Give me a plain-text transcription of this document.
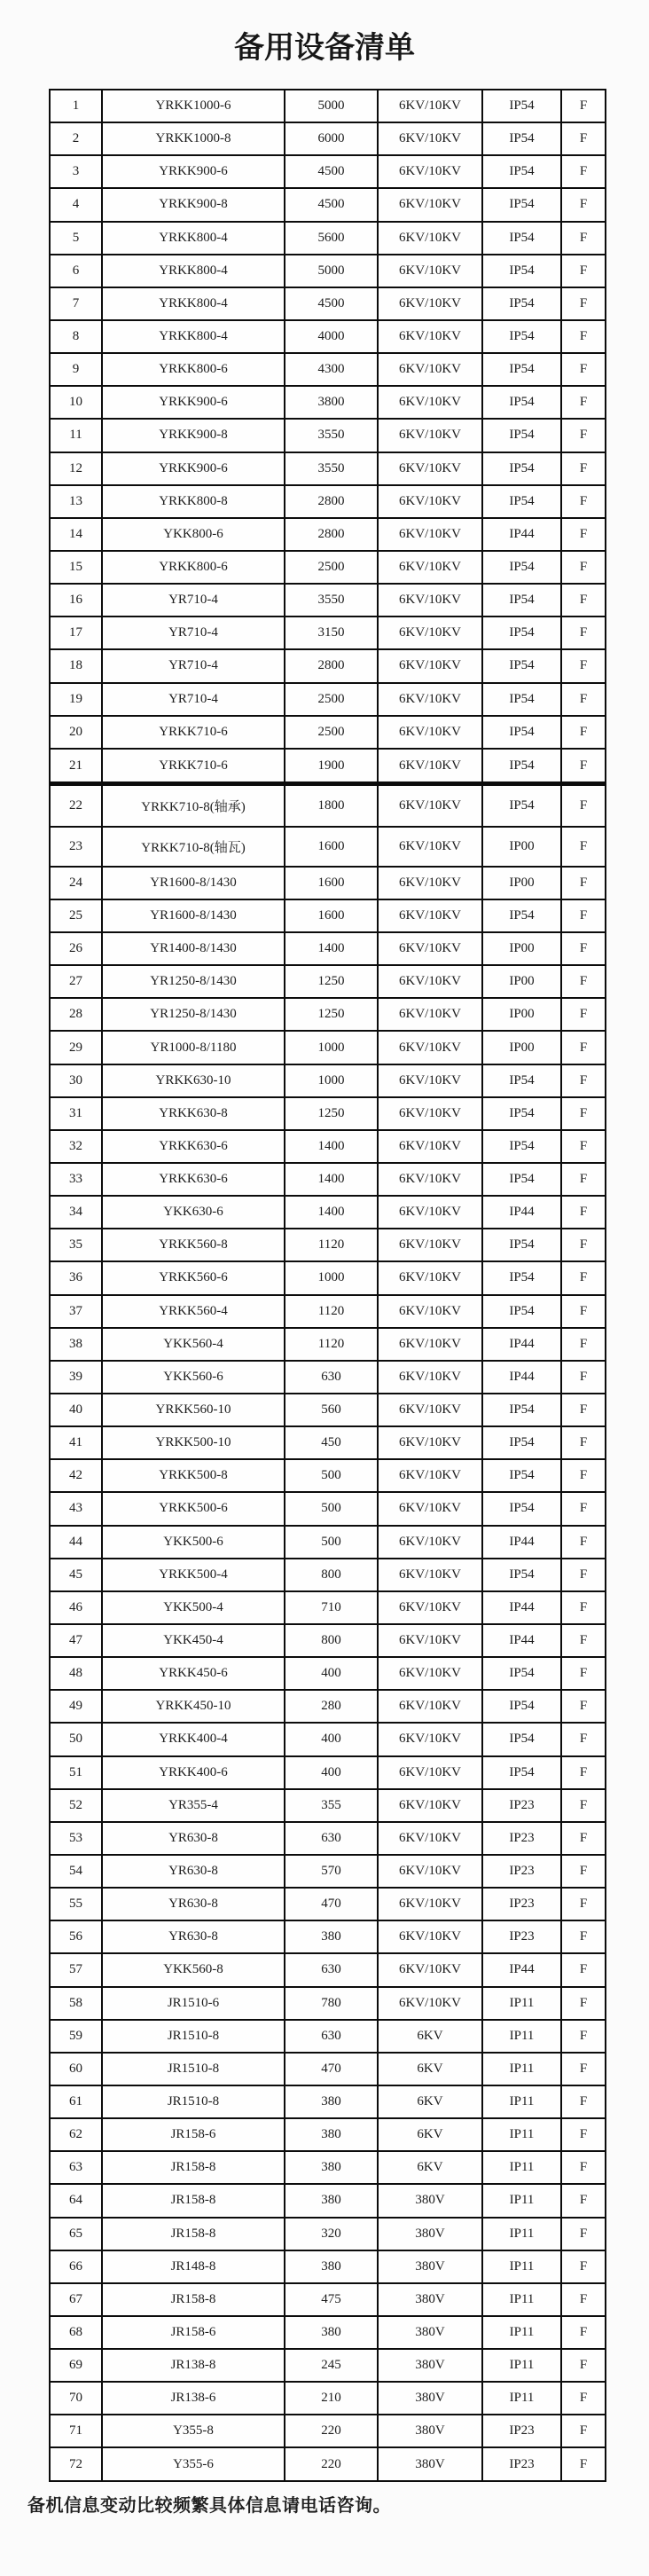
备用设备清单
1	YRKK1000-6	5000	6KV/10KV	IP54	F
2	YRKK1000-8	6000	6KV/10KV	IP54	F
3	YRKK900-6	4500	6KV/10KV	IP54	F
4	YRKK900-8	4500	6KV/10KV	IP54	F
5	YRKK800-4	5600	6KV/10KV	IP54	F
6	YRKK800-4	5000	6KV/10KV	IP54	F
7	YRKK800-4	4500	6KV/10KV	IP54	F
8	YRKK800-4	4000	6KV/10KV	IP54	F
9	YRKK800-6	4300	6KV/10KV	IP54	F
10	YRKK900-6	3800	6KV/10KV	IP54	F
11	YRKK900-8	3550	6KV/10KV	IP54	F
12	YRKK900-6	3550	6KV/10KV	IP54	F
13	YRKK800-8	2800	6KV/10KV	IP54	F
14	YKK800-6	2800	6KV/10KV	IP44	F
15	YRKK800-6	2500	6KV/10KV	IP54	F
16	YR710-4	3550	6KV/10KV	IP54	F
17	YR710-4	3150	6KV/10KV	IP54	F
18	YR710-4	2800	6KV/10KV	IP54	F
19	YR710-4	2500	6KV/10KV	IP54	F
20	YRKK710-6	2500	6KV/10KV	IP54	F
21	YRKK710-6	1900	6KV/10KV	IP54	F
22	YRKK710-8(轴承)	1800	6KV/10KV	IP54	F
23	YRKK710-8(轴瓦)	1600	6KV/10KV	IP00	F
24	YR1600-8/1430	1600	6KV/10KV	IP00	F
25	YR1600-8/1430	1600	6KV/10KV	IP54	F
26	YR1400-8/1430	1400	6KV/10KV	IP00	F
27	YR1250-8/1430	1250	6KV/10KV	IP00	F
28	YR1250-8/1430	1250	6KV/10KV	IP00	F
29	YR1000-8/1180	1000	6KV/10KV	IP00	F
30	YRKK630-10	1000	6KV/10KV	IP54	F
31	YRKK630-8	1250	6KV/10KV	IP54	F
32	YRKK630-6	1400	6KV/10KV	IP54	F
33	YRKK630-6	1400	6KV/10KV	IP54	F
34	YKK630-6	1400	6KV/10KV	IP44	F
35	YRKK560-8	1120	6KV/10KV	IP54	F
36	YRKK560-6	1000	6KV/10KV	IP54	F
37	YRKK560-4	1120	6KV/10KV	IP54	F
38	YKK560-4	1120	6KV/10KV	IP44	F
39	YKK560-6	630	6KV/10KV	IP44	F
40	YRKK560-10	560	6KV/10KV	IP54	F
41	YRKK500-10	450	6KV/10KV	IP54	F
42	YRKK500-8	500	6KV/10KV	IP54	F
43	YRKK500-6	500	6KV/10KV	IP54	F
44	YKK500-6	500	6KV/10KV	IP44	F
45	YRKK500-4	800	6KV/10KV	IP54	F
46	YKK500-4	710	6KV/10KV	IP44	F
47	YKK450-4	800	6KV/10KV	IP44	F
48	YRKK450-6	400	6KV/10KV	IP54	F
49	YRKK450-10	280	6KV/10KV	IP54	F
50	YRKK400-4	400	6KV/10KV	IP54	F
51	YRKK400-6	400	6KV/10KV	IP54	F
52	YR355-4	355	6KV/10KV	IP23	F
53	YR630-8	630	6KV/10KV	IP23	F
54	YR630-8	570	6KV/10KV	IP23	F
55	YR630-8	470	6KV/10KV	IP23	F
56	YR630-8	380	6KV/10KV	IP23	F
57	YKK560-8	630	6KV/10KV	IP44	F
58	JR1510-6	780	6KV/10KV	IP11	F
59	JR1510-8	630	6KV	IP11	F
60	JR1510-8	470	6KV	IP11	F
61	JR1510-8	380	6KV	IP11	F
62	JR158-6	380	6KV	IP11	F
63	JR158-8	380	6KV	IP11	F
64	JR158-8	380	380V	IP11	F
65	JR158-8	320	380V	IP11	F
66	JR148-8	380	380V	IP11	F
67	JR158-8	475	380V	IP11	F
68	JR158-6	380	380V	IP11	F
69	JR138-8	245	380V	IP11	F
70	JR138-6	210	380V	IP11	F
71	Y355-8	220	380V	IP23	F
72	Y355-6	220	380V	IP23	F
备机信息变动比较频繁具体信息请电话咨询。
